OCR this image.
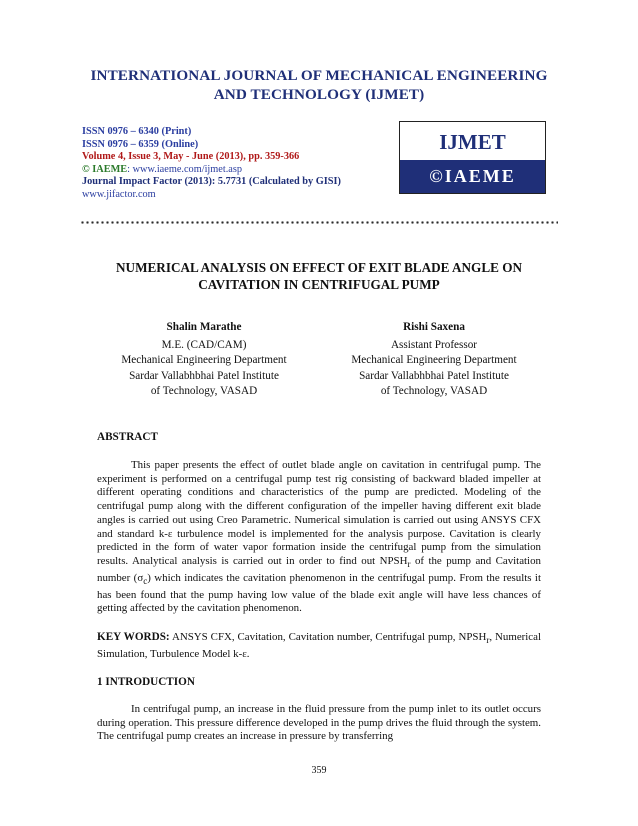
INTERNATIONAL JOURNAL OF MECHANICAL ENGINEERING
AND TECHNOLOGY (IJMET)
ISSN 0976 – 6340 (Print)
ISSN 0976 – 6359 (Online)
Volume 4, Issue 3, May - June (2013), pp. 359-366
© IAEME: www.iaeme.com/ijmet.asp
Journal Impact Factor (2013): 5.7731 (Calculated by GISI)
www.jifactor.com
IJMET
©IAEME
NUMERICAL ANALYSIS ON EFFECT OF EXIT BLADE ANGLE ON
CAVITATION IN CENTRIFUGAL PUMP
Shalin Marathe
M.E. (CAD/CAM)
Mechanical Engineering Department
Sardar Vallabhbhai Patel Institute
of Technology, VASAD
Rishi Saxena
Assistant Professor
Mechanical Engineering Department
Sardar Vallabhbhai Patel Institute
of Technology, VASAD
ABSTRACT
This paper presents the effect of outlet blade angle on cavitation in centrifugal pump. The experiment is performed on a centrifugal pump test rig consisting of backward bladed impeller at different operating conditions and characteristics of the pump are predicted. Modeling of the centrifugal pump along with the different configuration of the impeller having different exit blade angles is carried out using Creo Parametric. Numerical simulation is carried out using ANSYS CFX and standard k-ε turbulence model is implemented for the analysis purpose. Cavitation is clearly predicted in the form of water vapor formation inside the centrifugal pump from the simulation results. Analytical analysis is carried out in order to find out $NPSH_r$ of the pump and Cavitation number $(\sigma_c)$ which indicates the cavitation phenomenon in the centrifugal pump. From the results it has been found that the pump having low value of the blade exit angle will have less chances of getting affected by the cavitation phenomenon.
KEY WORDS: ANSYS CFX, Cavitation, Cavitation number, Centrifugal pump, $NPSH_r$, Numerical Simulation, Turbulence Model k-ε.
1 INTRODUCTION
In centrifugal pump, an increase in the fluid pressure from the pump inlet to its outlet occurs during operation. This pressure difference developed in the pump drives the fluid through the system. The centrifugal pump creates an increase in pressure by transferring
359
